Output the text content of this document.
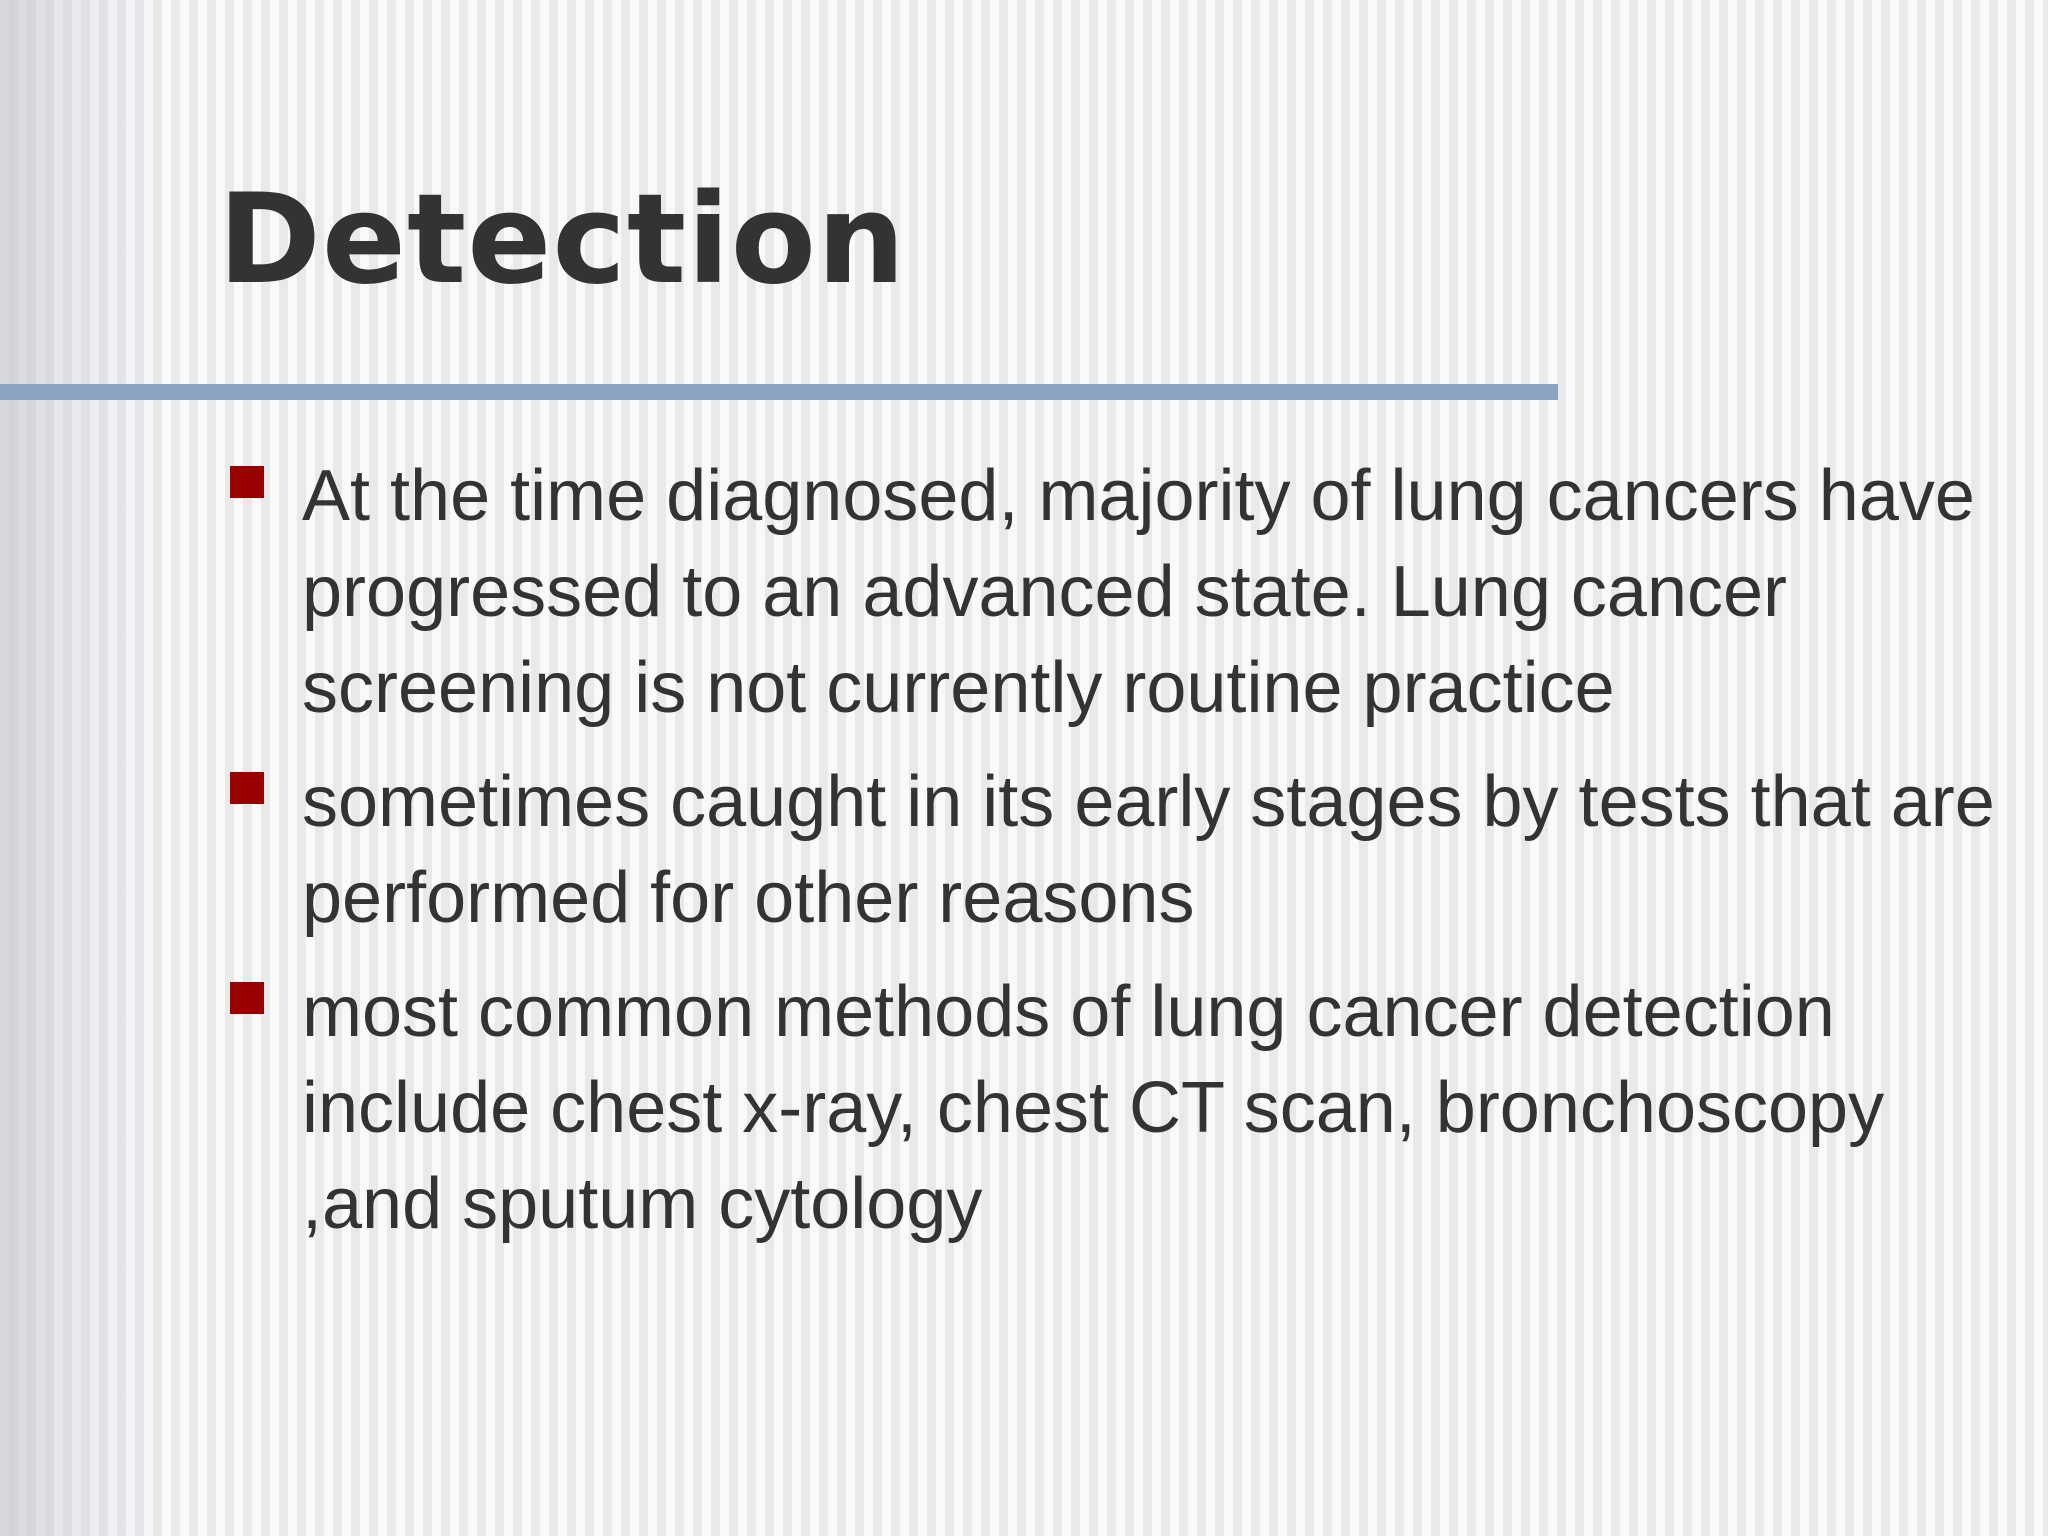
Detection
At the time diagnosed, majority of lung cancers have progressed to an advanced state. Lung cancer screening is not currently routine practice
sometimes caught in its early stages by tests that are performed for other reasons
most common methods of lung cancer detection include chest x-ray, chest CT scan, bronchoscopy ,and sputum cytology
